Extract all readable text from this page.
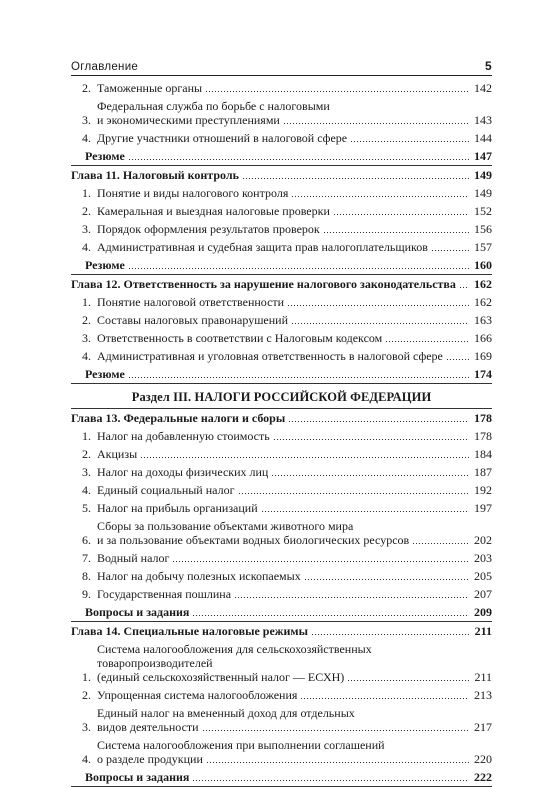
Оглавление	5
2. Таможенные органы	142
3.
Федеральная служба по борьбе с налоговыми
и экономическими преступлениями	143
4. Другие участники отношений в налоговой сфере	144
Резюме	147
Глава 11. Налоговый контроль	149
1. Понятие и виды налогового контроля	149
2. Камеральная и выездная налоговые проверки	152
3. Порядок оформления результатов проверок	156
4. Административная и судебная защита прав налогоплательщиков	157
Резюме	160
Глава 12. Ответственность за нарушение налогового законодательства 162
1. Понятие налоговой ответственности	162
2. Составы налоговых правонарушений	163
3. Ответственность в соответствии с Налоговым кодексом	166
4. Административная и уголовная ответственность в налоговой сфере	169
Резюме	174
Раздел III. НАЛОГИ РОССИЙСКОЙ ФЕДЕРАЦИИ
Глава 13. Федеральные налоги и сборы	178
1. Налог на добавленную стоимость	178
2. Акцизы	184
3. Налог на доходы физических лиц	187
4. Единый социальный налог	192
5. Налог на прибыль организаций	197
6.
Сборы за пользование объектами животного мира
и за пользование объектами водных биологических ресурсов	202
7. Водный налог	203
8. Налог на добычу полезных ископаемых	205
9. Государственная пошлина	207
Вопросы и задания	209
Глава 14. Специальные налоговые режимы	211
1.
Система налогообложения для сельскохозяйственных
товаропроизводителей
(единый сельскохозяйственный налог — ЕСХН)	211
2. Упрощенная система налогообложения	213
3.
Единый налог на вмененный доход для отдельных
видов деятельности	217
4.
Система налогообложения при выполнении соглашений
о разделе продукции	220
Вопросы и задания	222
